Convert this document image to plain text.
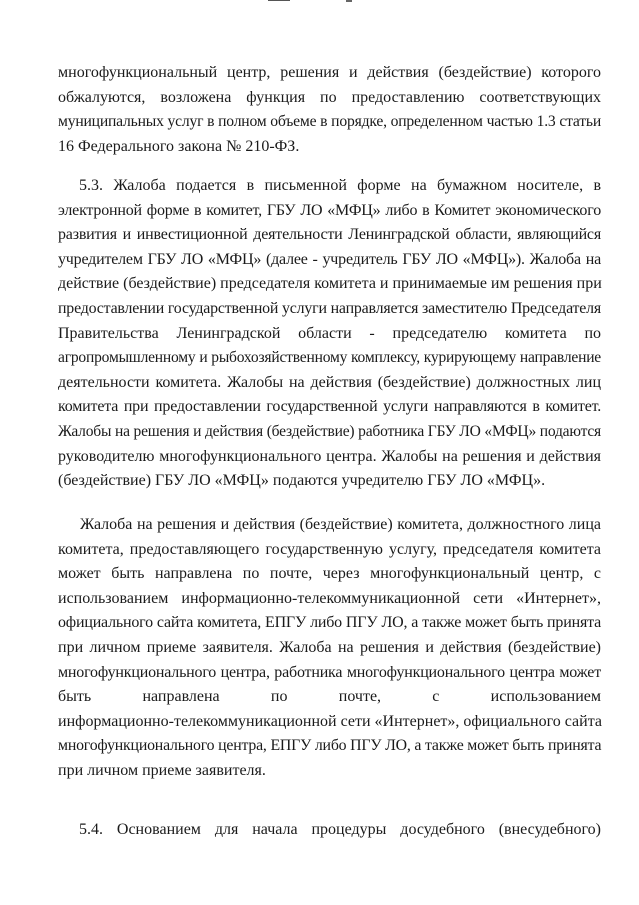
многофункциональный центр, решения и действия (бездействие) которого
обжалуются, возложена функция по предоставлению соответствующих
муниципальных услуг в полном объеме в порядке, определенном частью 1.3 статьи
16 Федерального закона № 210-ФЗ.
5.3. Жалоба подается в письменной форме на бумажном носителе, в
электронной форме в комитет, ГБУ ЛО «МФЦ» либо в Комитет экономического
развития и инвестиционной деятельности Ленинградской области, являющийся
учредителем ГБУ ЛО «МФЦ» (далее - учредитель ГБУ ЛО «МФЦ»). Жалоба на
действие (бездействие) председателя комитета и принимаемые им решения при
предоставлении государственной услуги направляется заместителю Председателя
Правительства Ленинградской области - председателю комитета по
агропромышленному и рыбохозяйственному комплексу, курирующему направление
деятельности комитета. Жалобы на действия (бездействие) должностных лиц
комитета при предоставлении государственной услуги направляются в комитет.
Жалобы на решения и действия (бездействие) работника ГБУ ЛО «МФЦ» подаются
руководителю многофункционального центра. Жалобы на решения и действия
(бездействие) ГБУ ЛО «МФЦ» подаются учредителю ГБУ ЛО «МФЦ».
Жалоба на решения и действия (бездействие) комитета, должностного лица
комитета, предоставляющего государственную услугу, председателя комитета
может быть направлена по почте, через многофункциональный центр, с
использованием информационно-телекоммуникационной сети «Интернет»,
официального сайта комитета, ЕПГУ либо ПГУ ЛО, а также может быть принята
при личном приеме заявителя. Жалоба на решения и действия (бездействие)
многофункционального центра, работника многофункционального центра может
быть направлена по почте, с использованием
информационно-телекоммуникационной сети «Интернет», официального сайта
многофункционального центра, ЕПГУ либо ПГУ ЛО, а также может быть принята
при личном приеме заявителя.
5.4. Основанием для начала процедуры досудебного (внесудебного)
